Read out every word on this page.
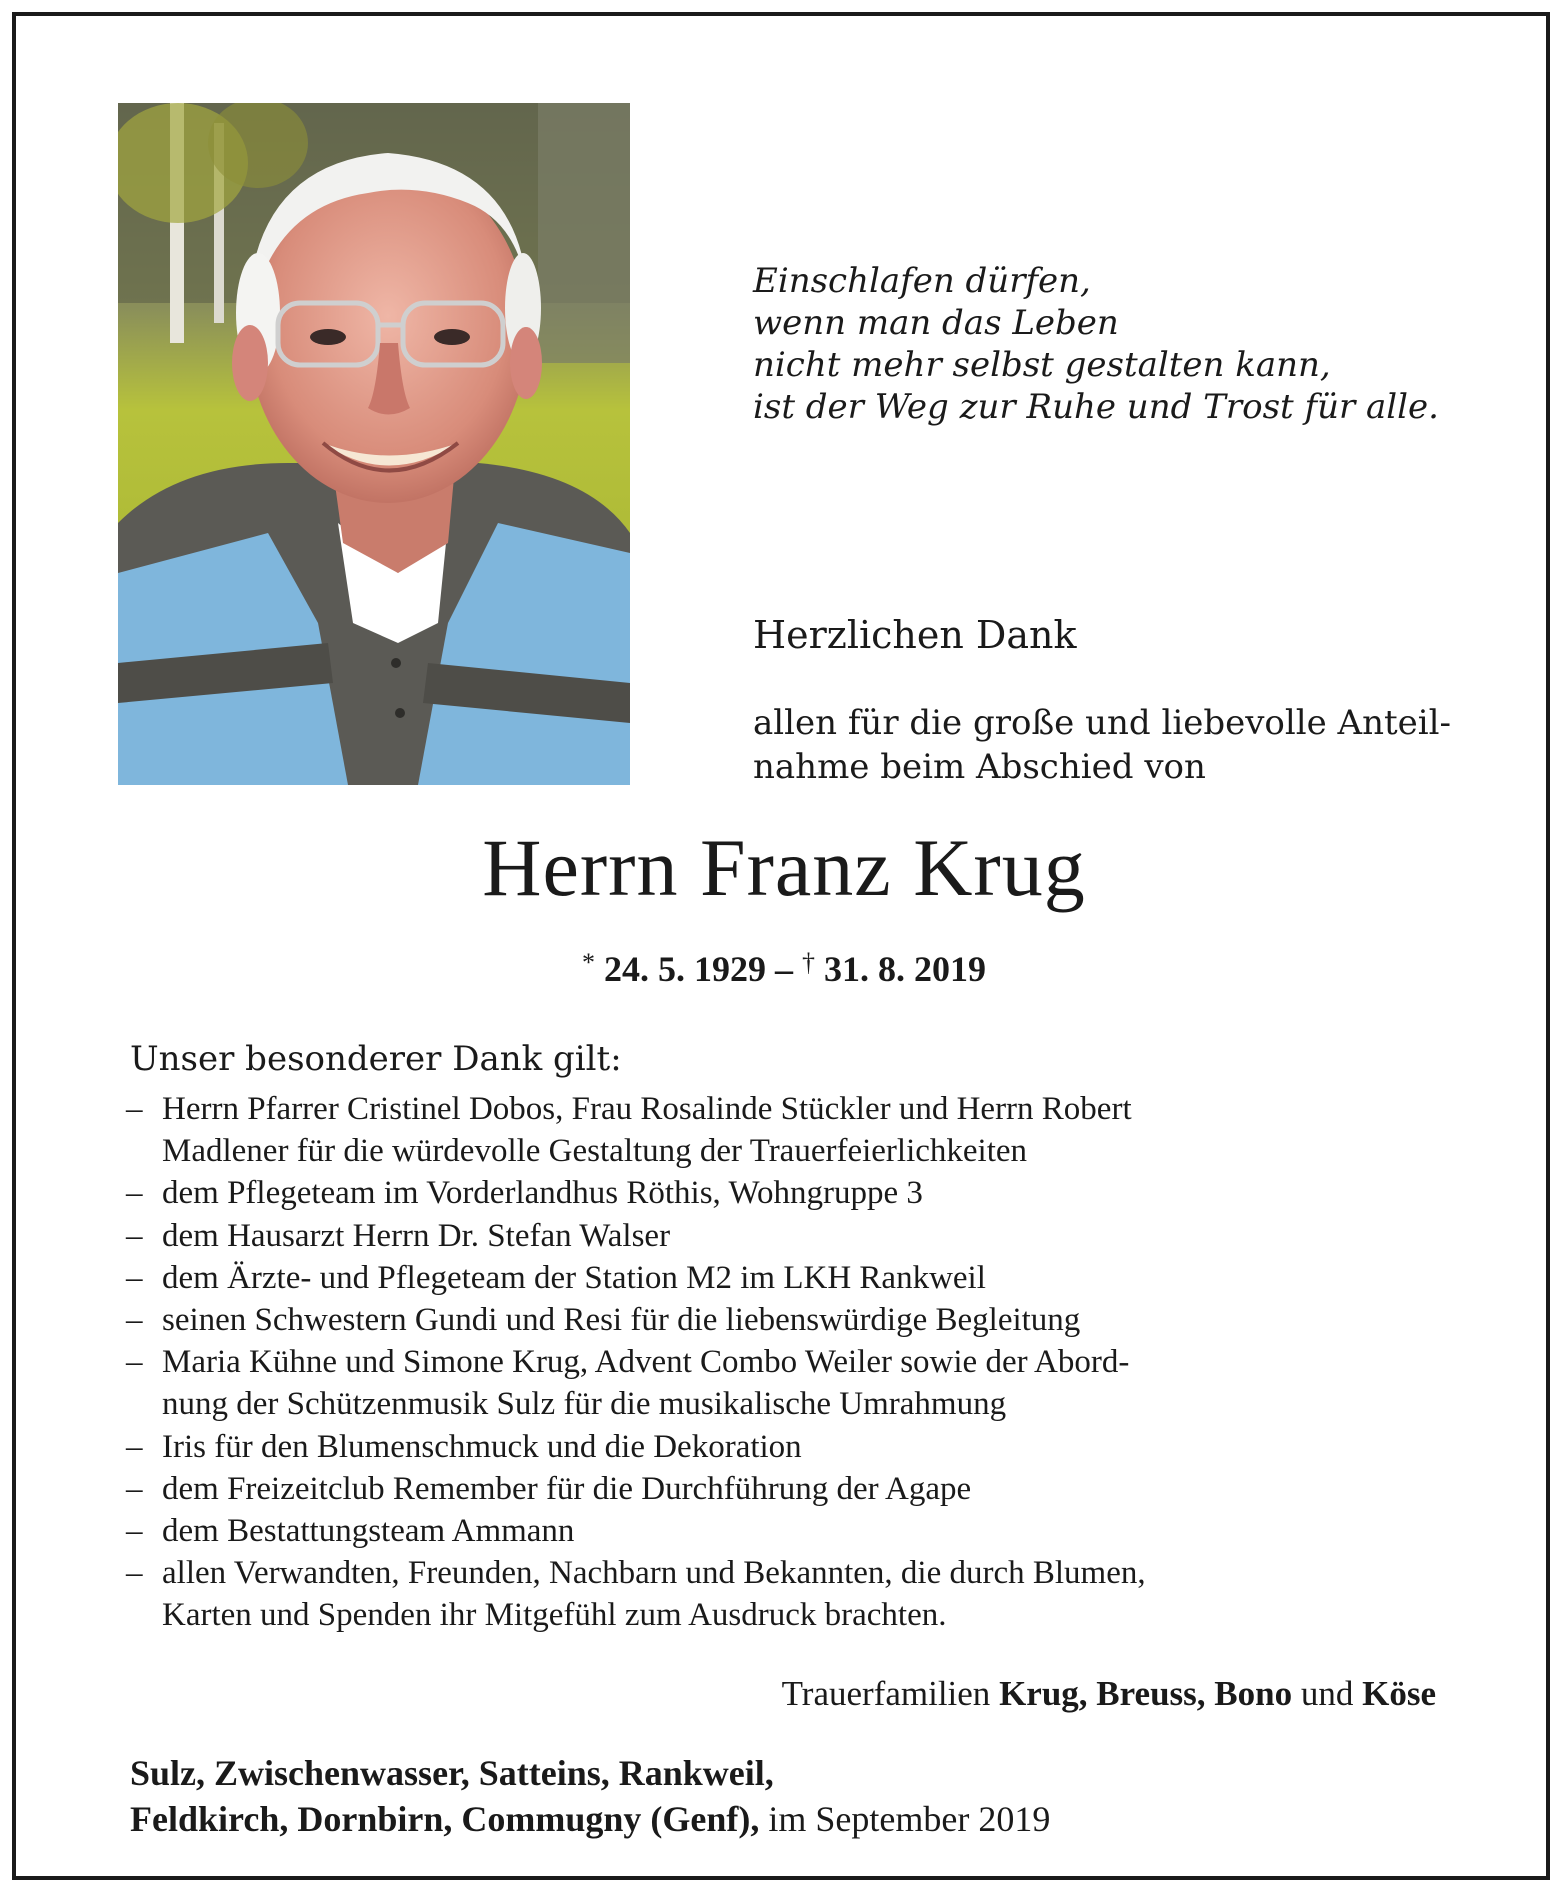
Einschlafen dürfen,
wenn man das Leben
nicht mehr selbst gestalten kann,
ist der Weg zur Ruhe und Trost für alle.
Herzlichen Dank
allen für die große und liebevolle Anteil-
nahme beim Abschied von
Herrn Franz Krug
* 24. 5. 1929 – † 31. 8. 2019
Unser besonderer Dank gilt:
– Herrn Pfarrer Cristinel Dobos, Frau Rosalinde Stückler und Herrn Robert
Madlener für die würdevolle Gestaltung der Trauerfeierlichkeiten
– dem Pflegeteam im Vorderlandhus Röthis, Wohngruppe 3
– dem Hausarzt Herrn Dr. Stefan Walser
– dem Ärzte- und Pflegeteam der Station M2 im LKH Rankweil
– seinen Schwestern Gundi und Resi für die liebenswürdige Begleitung
– Maria Kühne und Simone Krug, Advent Combo Weiler sowie der Abord-
nung der Schützenmusik Sulz für die musikalische Umrahmung
– Iris für den Blumenschmuck und die Dekoration
– dem Freizeitclub Remember für die Durchführung der Agape
– dem Bestattungsteam Ammann
– allen Verwandten, Freunden, Nachbarn und Bekannten, die durch Blumen,
Karten und Spenden ihr Mitgefühl zum Ausdruck brachten.
Trauerfamilien Krug, Breuss, Bono und Köse
Sulz, Zwischenwasser, Satteins, Rankweil,
Feldkirch, Dornbirn, Commugny (Genf), im September 2019
